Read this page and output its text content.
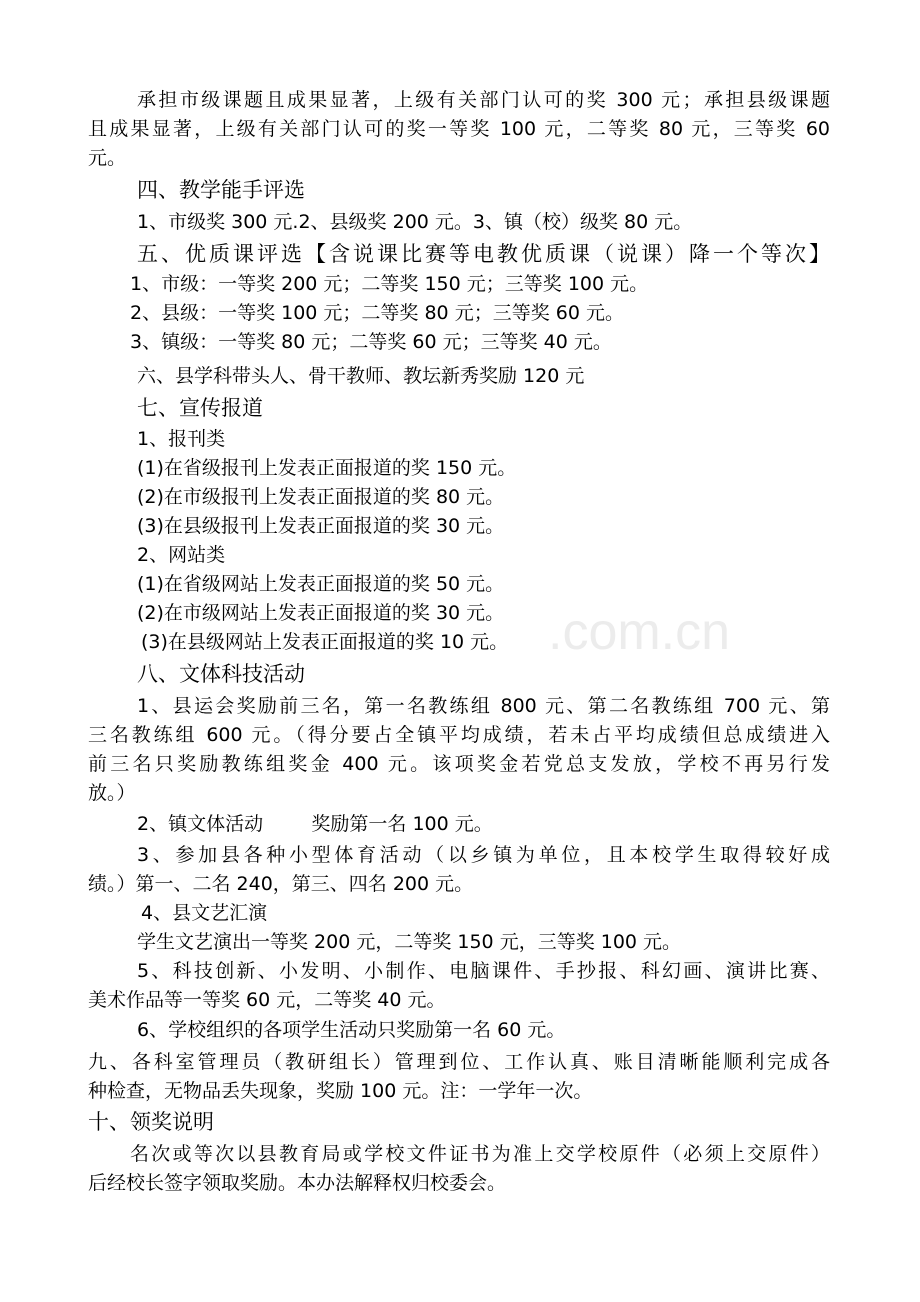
.com.cn
承担市级课题且成果显著，上级有关部门认可的奖 300 元；承担县级课题
且成果显著，上级有关部门认可的奖一等奖 100 元，二等奖 80 元，三等奖 60
元。
四、教学能手评选
1、市级奖 300 元.2、县级奖 200 元。3、镇（校）级奖 80 元。
五、优质课评选【含说课比赛等电教优质课（说课）降一个等次】
1、市级：一等奖 200 元；二等奖 150 元；三等奖 100 元。
2、县级：一等奖 100 元；二等奖 80 元；三等奖 60 元。
3、镇级：一等奖 80 元；二等奖 60 元；三等奖 40 元。
六、县学科带头人、骨干教师、教坛新秀奖励 120 元
七、宣传报道
1、报刊类
(1)在省级报刊上发表正面报道的奖 150 元。
(2)在市级报刊上发表正面报道的奖 80 元。
(3)在县级报刊上发表正面报道的奖 30 元。
2、网站类
(1)在省级网站上发表正面报道的奖 50 元。
(2)在市级网站上发表正面报道的奖 30 元。
(3)在县级网站上发表正面报道的奖 10 元。
八、文体科技活动
1、县运会奖励前三名，第一名教练组 800 元、第二名教练组 700 元、第
三名教练组 600 元。（得分要占全镇平均成绩，若未占平均成绩但总成绩进入
前三名只奖励教练组奖金 400 元。该项奖金若党总支发放，学校不再另行发
放。）
2、镇文体活动        奖励第一名 100 元。
3、参加县各种小型体育活动（以乡镇为单位，且本校学生取得较好成
绩。）第一、二名 240，第三、四名 200 元。
4、县文艺汇演
学生文艺演出一等奖 200 元，二等奖 150 元，三等奖 100 元。
5、科技创新、小发明、小制作、电脑课件、手抄报、科幻画、演讲比赛、
美术作品等一等奖 60 元，二等奖 40 元。
6、学校组织的各项学生活动只奖励第一名 60 元。
九、各科室管理员（教研组长）管理到位、工作认真、账目清晰能顺利完成各
种检查，无物品丢失现象，奖励 100 元。注：一学年一次。
十、领奖说明
名次或等次以县教育局或学校文件证书为准上交学校原件（必须上交原件）
后经校长签字领取奖励。本办法解释权归校委会。
